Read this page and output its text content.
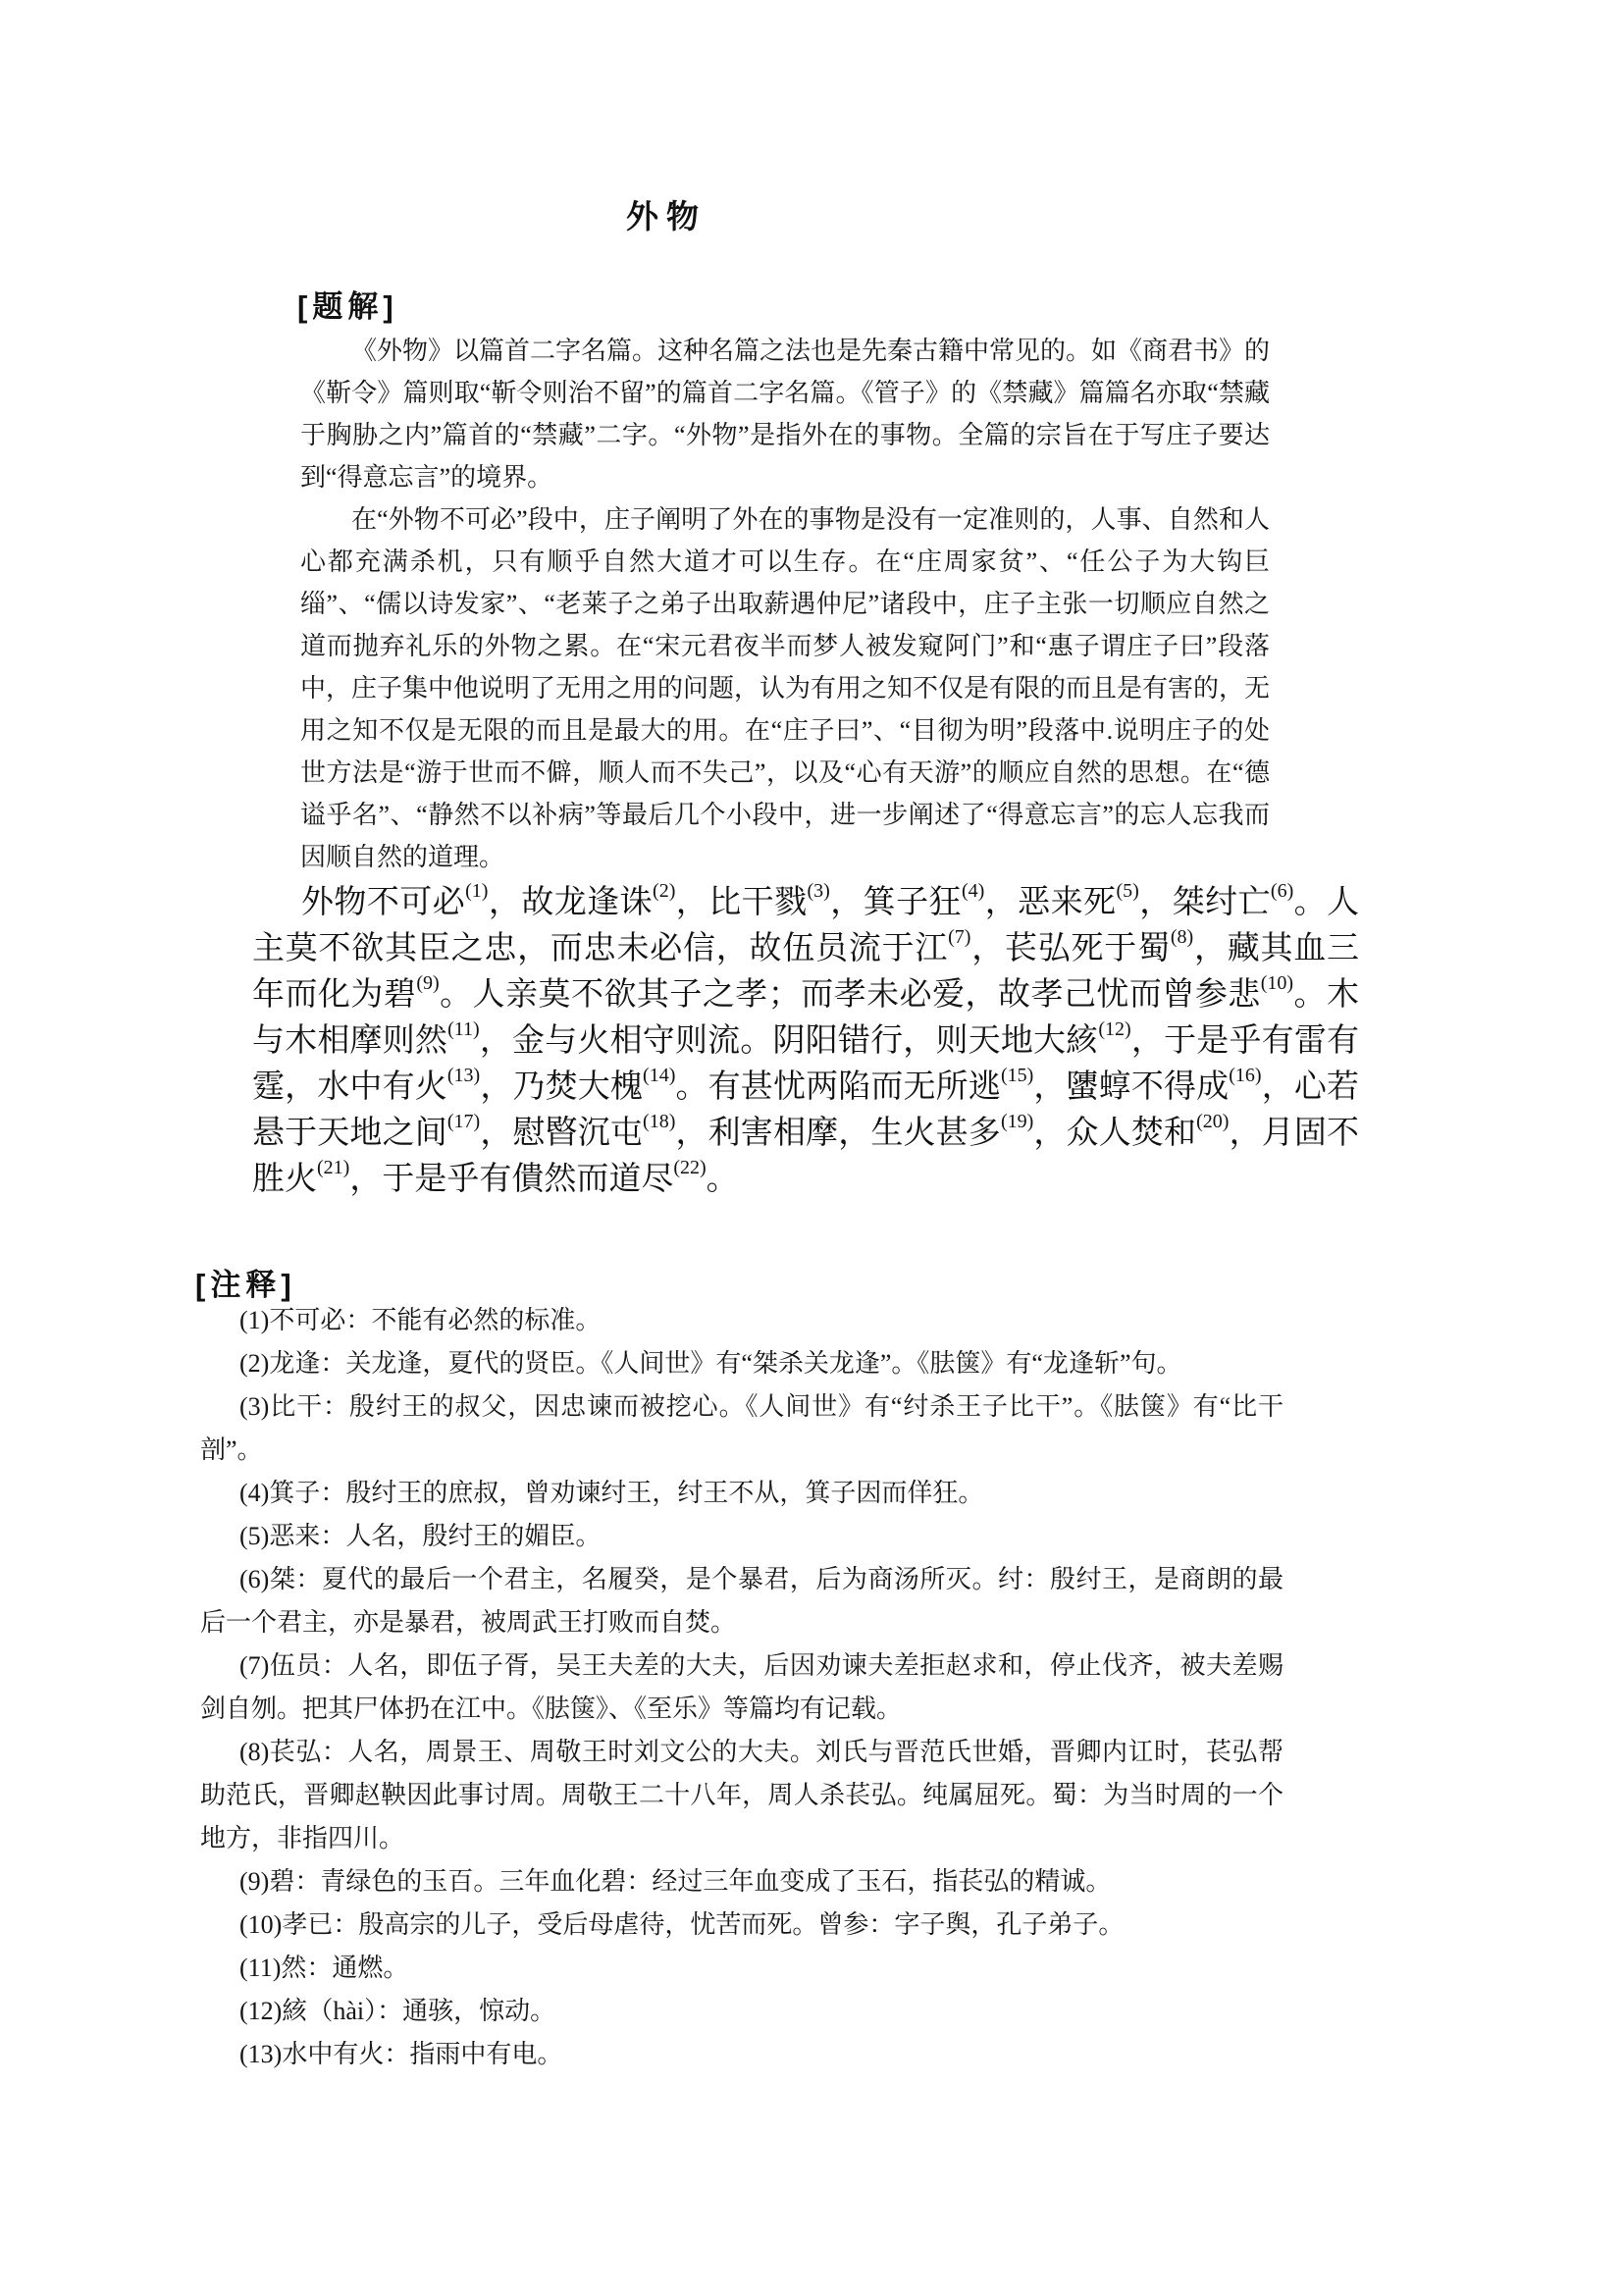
外物
[题解]

《外物》以篇首二字名篇。这种名篇之法也是先秦古籍中常见的。如《商君书》的《靳令》篇则取“靳令则治不留”的篇首二字名篇。《管子》的《禁藏》篇篇名亦取“禁藏于胸胁之内”篇首的“禁藏”二字。“外物”是指外在的事物。全篇的宗旨在于写庄子要达到“得意忘言”的境界。

在“外物不可必”段中，庄子阐明了外在的事物是没有一定准则的，人事、自然和人心都充满杀机，只有顺乎自然大道才可以生存。在“庄周家贫”、“任公子为大钩巨缁”、“儒以诗发家”、“老莱子之弟子出取薪遇仲尼”诸段中，庄子主张一切顺应自然之道而抛弃礼乐的外物之累。在“宋元君夜半而梦人被发窥阿门”和“惠子谓庄子曰”段落中，庄子集中他说明了无用之用的问题，认为有用之知不仅是有限的而且是有害的，无用之知不仅是无限的而且是最大的用。在“庄子曰”、“目彻为明”段落中.说明庄子的处世方法是“游于世而不僻，顺人而不失己”，以及“心有天游”的顺应自然的思想。在“德谥乎名”、“静然不以补病”等最后几个小段中，进一步阐述了“得意忘言”的忘人忘我而因顺自然的道理。

外物不可必$^{(1)}$，故龙逢诛$^{(2)}$，比干戮$^{(3)}$，箕子狂$^{(4)}$，恶来死$^{(5)}$，桀纣亡$^{(6)}$。人主莫不欲其臣之忠，而忠未必信，故伍员流于江$^{(7)}$，苌弘死于蜀$^{(8)}$，藏其血三年而化为碧$^{(9)}$。人亲莫不欲其子之孝；而孝未必爱，故孝己忧而曾参悲$^{(10)}$。木与木相摩则然$^{(11)}$，金与火相守则流。阴阳错行，则天地大絯$^{(12)}$，于是乎有雷有霆，水中有火$^{(13)}$，乃焚大槐$^{(14)}$。有甚忧两陷而无所逃$^{(15)}$，螴蜳不得成$^{(16)}$，心若悬于天地之间$^{(17)}$，慰暋沉屯$^{(18)}$，利害相摩，生火甚多$^{(19)}$，众人焚和$^{(20)}$，月固不胜火$^{(21)}$，于是乎有僓然而道尽$^{(22)}$。
[注释]

(1)不可必：不能有必然的标准。

(2)龙逢：关龙逢，夏代的贤臣。《人间世》有“桀杀关龙逢”。《胠箧》有“龙逢斩”句。

(3)比干：殷纣王的叔父，因忠谏而被挖心。《人间世》有“纣杀王子比干”。《胠箧》有“比干剖”。

(4)箕子：殷纣王的庶叔，曾劝谏纣王，纣王不从，箕子因而佯狂。

(5)恶来：人名，殷纣王的媚臣。

(6)桀：夏代的最后一个君主，名履癸，是个暴君，后为商汤所灭。纣：殷纣王，是商朗的最后一个君主，亦是暴君，被周武王打败而自焚。

(7)伍员：人名，即伍子胥，吴王夫差的大夫，后因劝谏夫差拒赵求和，停止伐齐，被夫差赐剑自刎。把其尸体扔在江中。《胠箧》、《至乐》等篇均有记载。

(8)苌弘：人名，周景王、周敬王时刘文公的大夫。刘氏与晋范氏世婚，晋卿内讧时，苌弘帮助范氏，晋卿赵鞅因此事讨周。周敬王二十八年，周人杀苌弘。纯属屈死。蜀：为当时周的一个地方，非指四川。

(9)碧：青绿色的玉百。三年血化碧：经过三年血变成了玉石，指苌弘的精诚。

(10)孝已：殷高宗的儿子，受后母虐待，忧苦而死。曾参：字子舆，孔子弟子。

(11)然：通燃。

(12)絯（hài）：通骇，惊动。

(13)水中有火：指雨中有电。
